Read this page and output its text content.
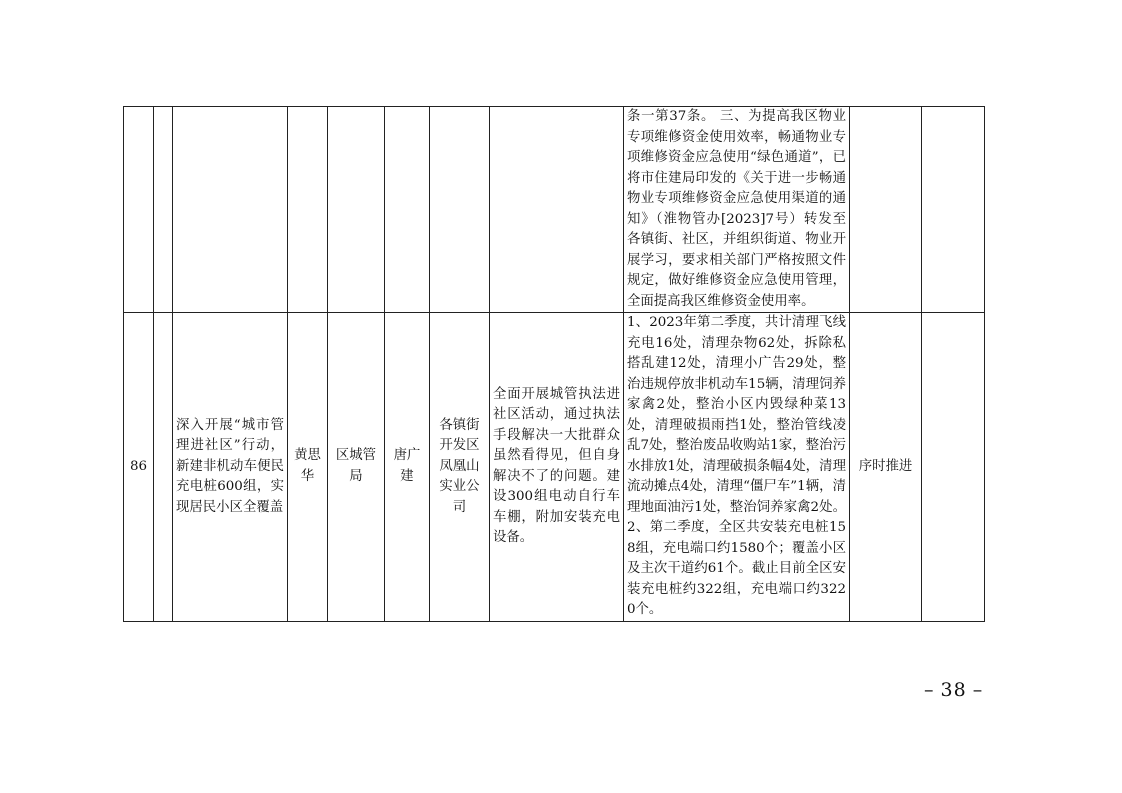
								条一第37条。 三、为提高我区物业专项维修资金使用效率，畅通物业专项维修资金应急使用“绿色通道”，已将市住建局印发的《关于进一步畅通物业专项维修资金应急使用渠道的通知》（淮物管办[2023]7号）转发至各镇街、社区，并组织街道、物业开展学习，要求相关部门严格按照文件规定，做好维修资金应急使用管理，全面提高我区维修资金使用率。		
86		深入开展“城市管理进社区”行动，新建非机动车便民充电桩600组，实现居民小区全覆盖	黄思华	区城管局	唐广建	各镇街开发区凤凰山实业公司	全面开展城管执法进社区活动，通过执法手段解决一大批群众虽然看得见，但自身解决不了的问题。建设300组电动自行车车棚，附加安装充电设备。	1、2023年第二季度，共计清理飞线充电16处，清理杂物62处，拆除私搭乱建12处，清理小广告29处，整治违规停放非机动车15辆，清理饲养家禽2处，整治小区内毁绿种菜13处，清理破损雨挡1处，整治管线凌乱7处，整治废品收购站1家，整治污水排放1处，清理破损条幅4处，清理流动摊点4处，清理“僵尸车”1辆，清理地面油污1处，整治饲养家禽2处。2、第二季度，全区共安装充电桩158组，充电端口约1580个；覆盖小区及主次干道约61个。截止目前全区安装充电桩约322组，充电端口约3220个。	序时推进	
– 38 –
